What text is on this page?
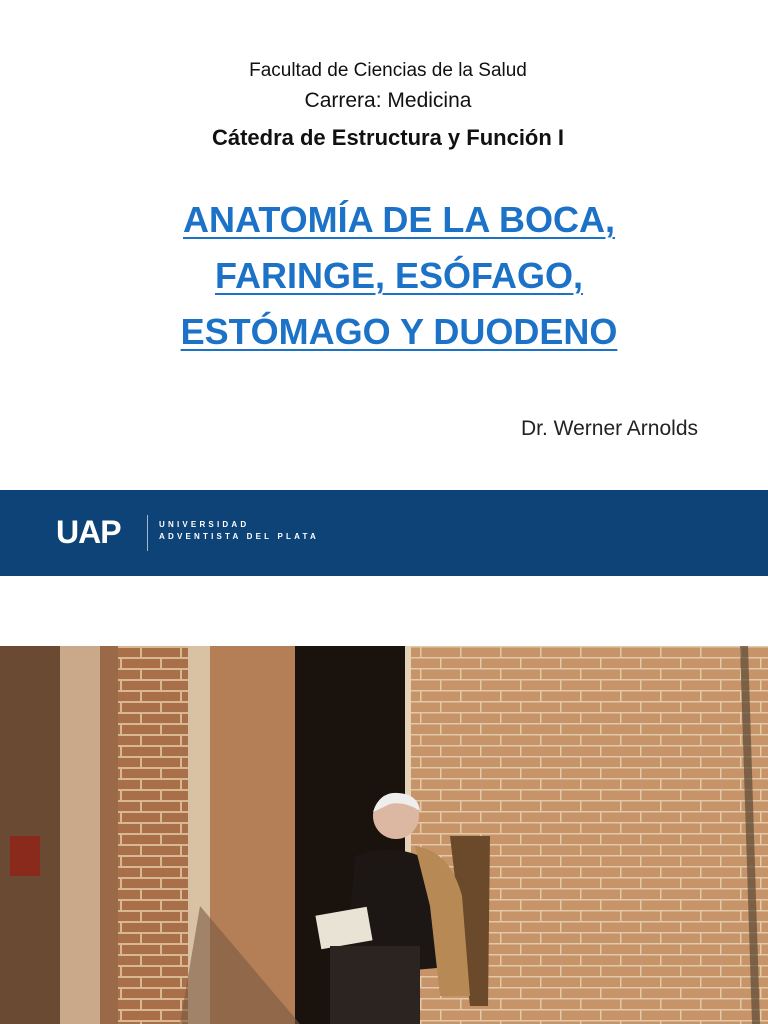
Facultad de Ciencias de la Salud
Carrera: Medicina
Cátedra de Estructura y Función I
ANATOMÍA DE LA BOCA,
FARINGE, ESÓFAGO,
ESTÓMAGO Y DUODENO
Dr. Werner Arnolds
UAP	UNIVERSIDAD
ADVENTISTA DEL PLATA
